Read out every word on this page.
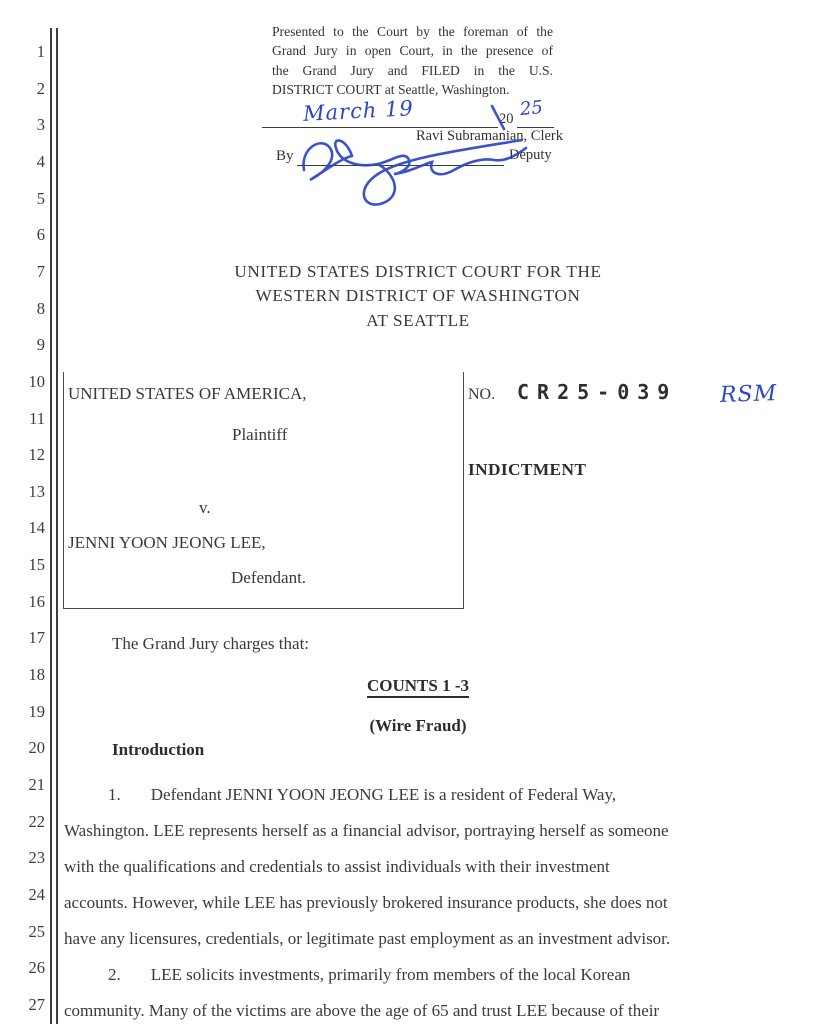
1
2
3
4
5
6
7
8
9
10
11
12
13
14
15
16
17
18
19
20
21
22
23
24
25
26
27
Presented to the Court by the foreman of the
Grand Jury in open Court, in the presence of
the Grand Jury and FILED in the U.S.
DISTRICT COURT at Seattle, Washington.
March 19	20 25
Ravi Subramanian, Clerk
By	Deputy
UNITED STATES DISTRICT COURT FOR THE
WESTERN DISTRICT OF WASHINGTON
AT SEATTLE
UNITED STATES OF AMERICA,
Plaintiff
v.
JENNI YOON JEONG LEE,
Defendant.
NO. CR25-039 RSM
INDICTMENT
The Grand Jury charges that:
COUNTS 1 -3
(Wire Fraud)
Introduction
1. Defendant JENNI YOON JEONG LEE is a resident of Federal Way,
Washington. LEE represents herself as a financial advisor, portraying herself as someone
with the qualifications and credentials to assist individuals with their investment
accounts. However, while LEE has previously brokered insurance products, she does not
have any licensures, credentials, or legitimate past employment as an investment advisor.
2. LEE solicits investments, primarily from members of the local Korean
community. Many of the victims are above the age of 65 and trust LEE because of their
